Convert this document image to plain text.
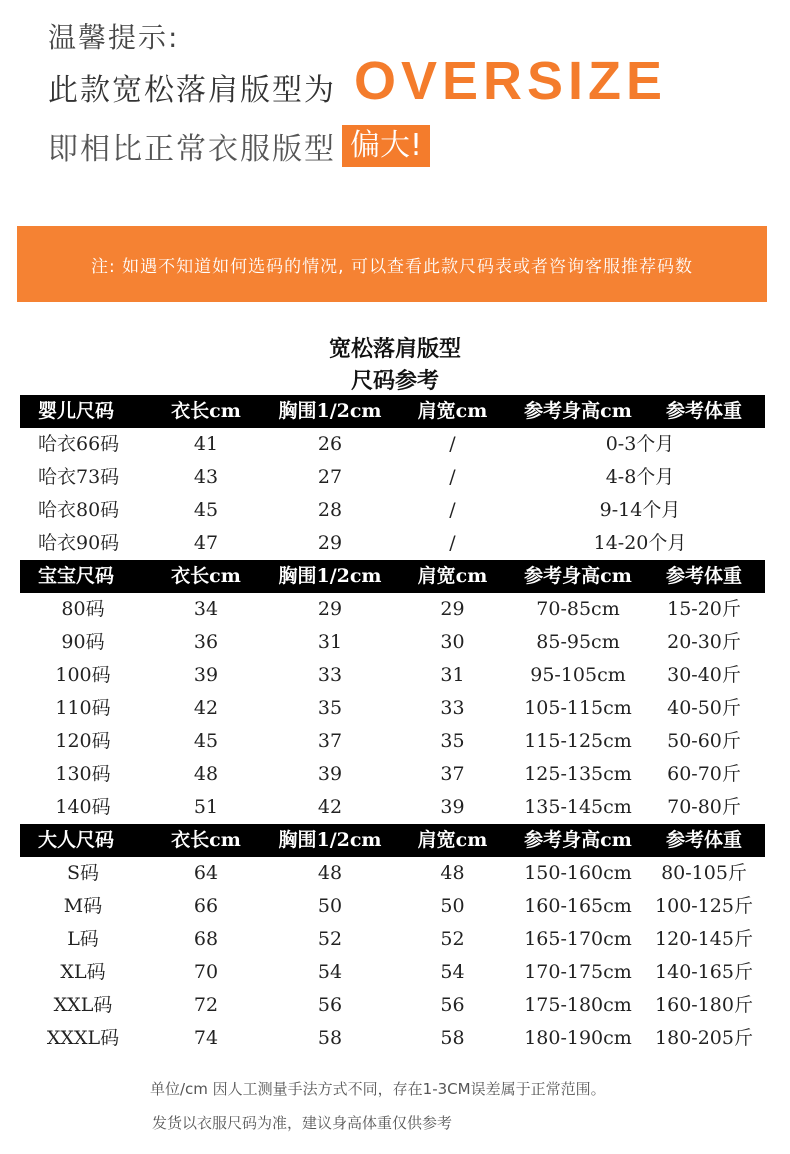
温馨提示:
此款宽松落肩版型为 OVERSIZE
即相比正常衣服版型 偏大!
注: 如遇不知道如何选码的情况, 可以查看此款尺码表或者咨询客服推荐码数
宽松落肩版型
尺码参考
婴儿尺码	衣长cm	胸围1/2cm	肩宽cm	参考身高cm	参考体重
哈衣66码	41	26	/	0-3个月
哈衣73码	43	27	/	4-8个月
哈衣80码	45	28	/	9-14个月
哈衣90码	47	29	/	14-20个月
宝宝尺码	衣长cm	胸围1/2cm	肩宽cm	参考身高cm	参考体重
80码	34	29	29	70-85cm	15-20斤
90码	36	31	30	85-95cm	20-30斤
100码	39	33	31	95-105cm	30-40斤
110码	42	35	33	105-115cm	40-50斤
120码	45	37	35	115-125cm	50-60斤
130码	48	39	37	125-135cm	60-70斤
140码	51	42	39	135-145cm	70-80斤
大人尺码	衣长cm	胸围1/2cm	肩宽cm	参考身高cm	参考体重
S码	64	48	48	150-160cm	80-105斤
M码	66	50	50	160-165cm	100-125斤
L码	68	52	52	165-170cm	120-145斤
XL码	70	54	54	170-175cm	140-165斤
XXL码	72	56	56	175-180cm	160-180斤
XXXL码	74	58	58	180-190cm	180-205斤
单位/cm 因人工测量手法方式不同，存在1-3CM误差属于正常范围。
发货以衣服尺码为准，建议身高体重仅供参考
